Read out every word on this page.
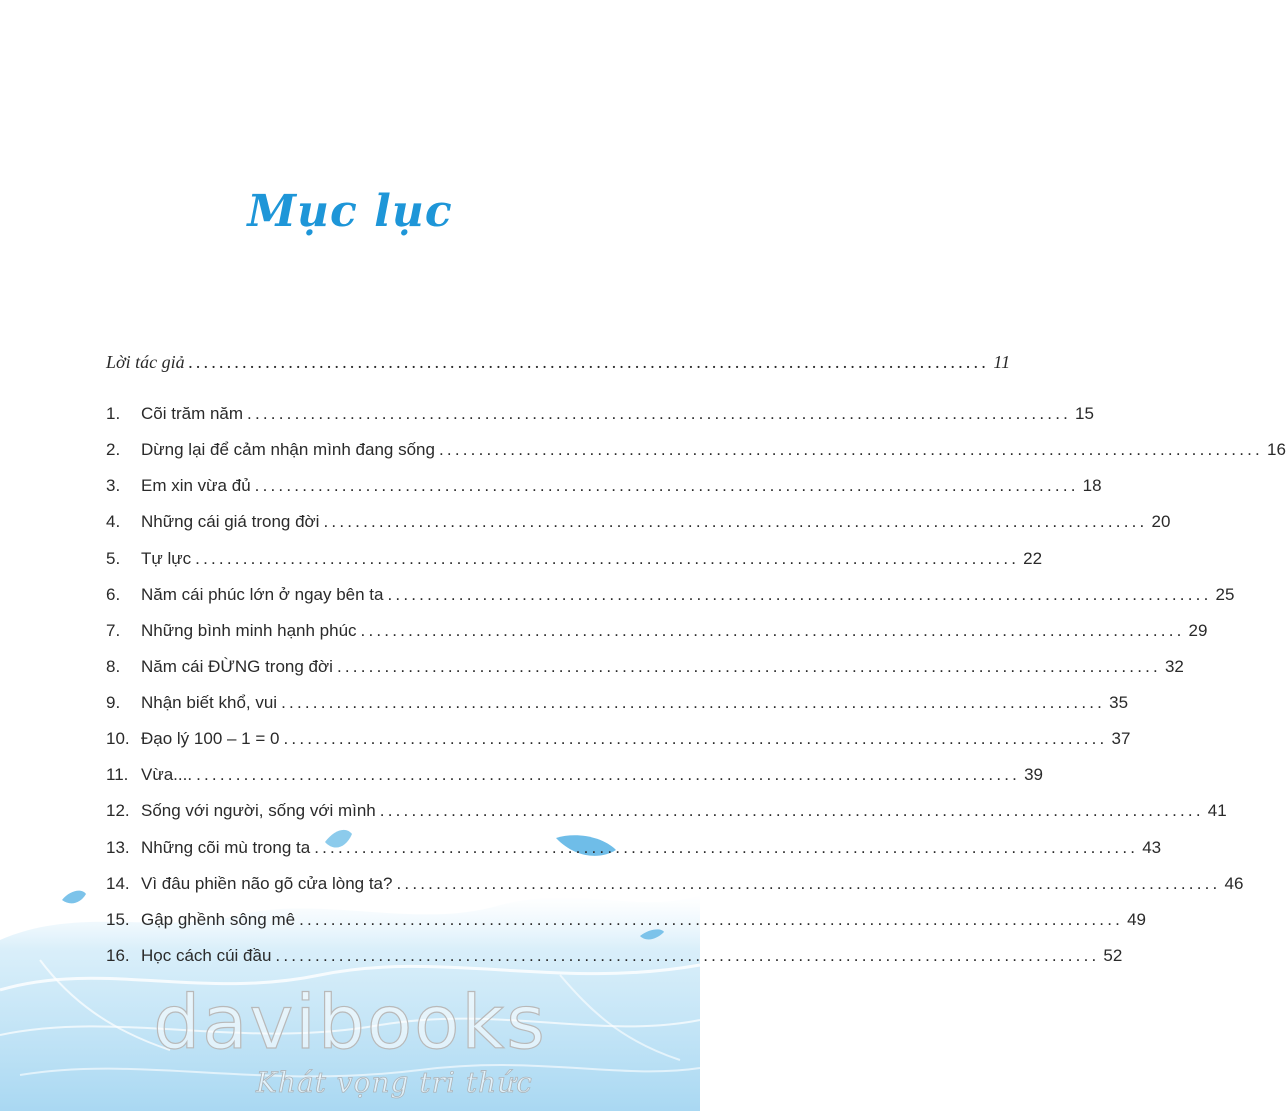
Mục lục
Lời tác giả ........................................................................................................ 11
1.	Cõi trăm năm ........................................................................................................ 15
2.	Dừng lại để cảm nhận mình đang sống ........................................................................................................ 16
3.	Em xin vừa đủ ........................................................................................................ 18
4.	Những cái giá trong đời ........................................................................................................ 20
5.	Tự lực ........................................................................................................ 22
6.	Năm cái phúc lớn ở ngay bên ta ........................................................................................................ 25
7.	Những bình minh hạnh phúc ........................................................................................................ 29
8.	Năm cái ĐỪNG trong đời ........................................................................................................ 32
9.	Nhận biết khổ, vui ........................................................................................................ 35
10. Đạo lý 100 – 1 = 0 ........................................................................................................ 37
11. Vừa.... ........................................................................................................ 39
12. Sống với người, sống với mình ........................................................................................................ 41
13. Những cõi mù trong ta ........................................................................................................ 43
14. Vì đâu phiền não gõ cửa lòng ta? ........................................................................................................ 46
15. Gập ghềnh sông mê ........................................................................................................ 49
16. Học cách cúi đầu ........................................................................................................ 52
davibooks
Khát vọng tri thức
